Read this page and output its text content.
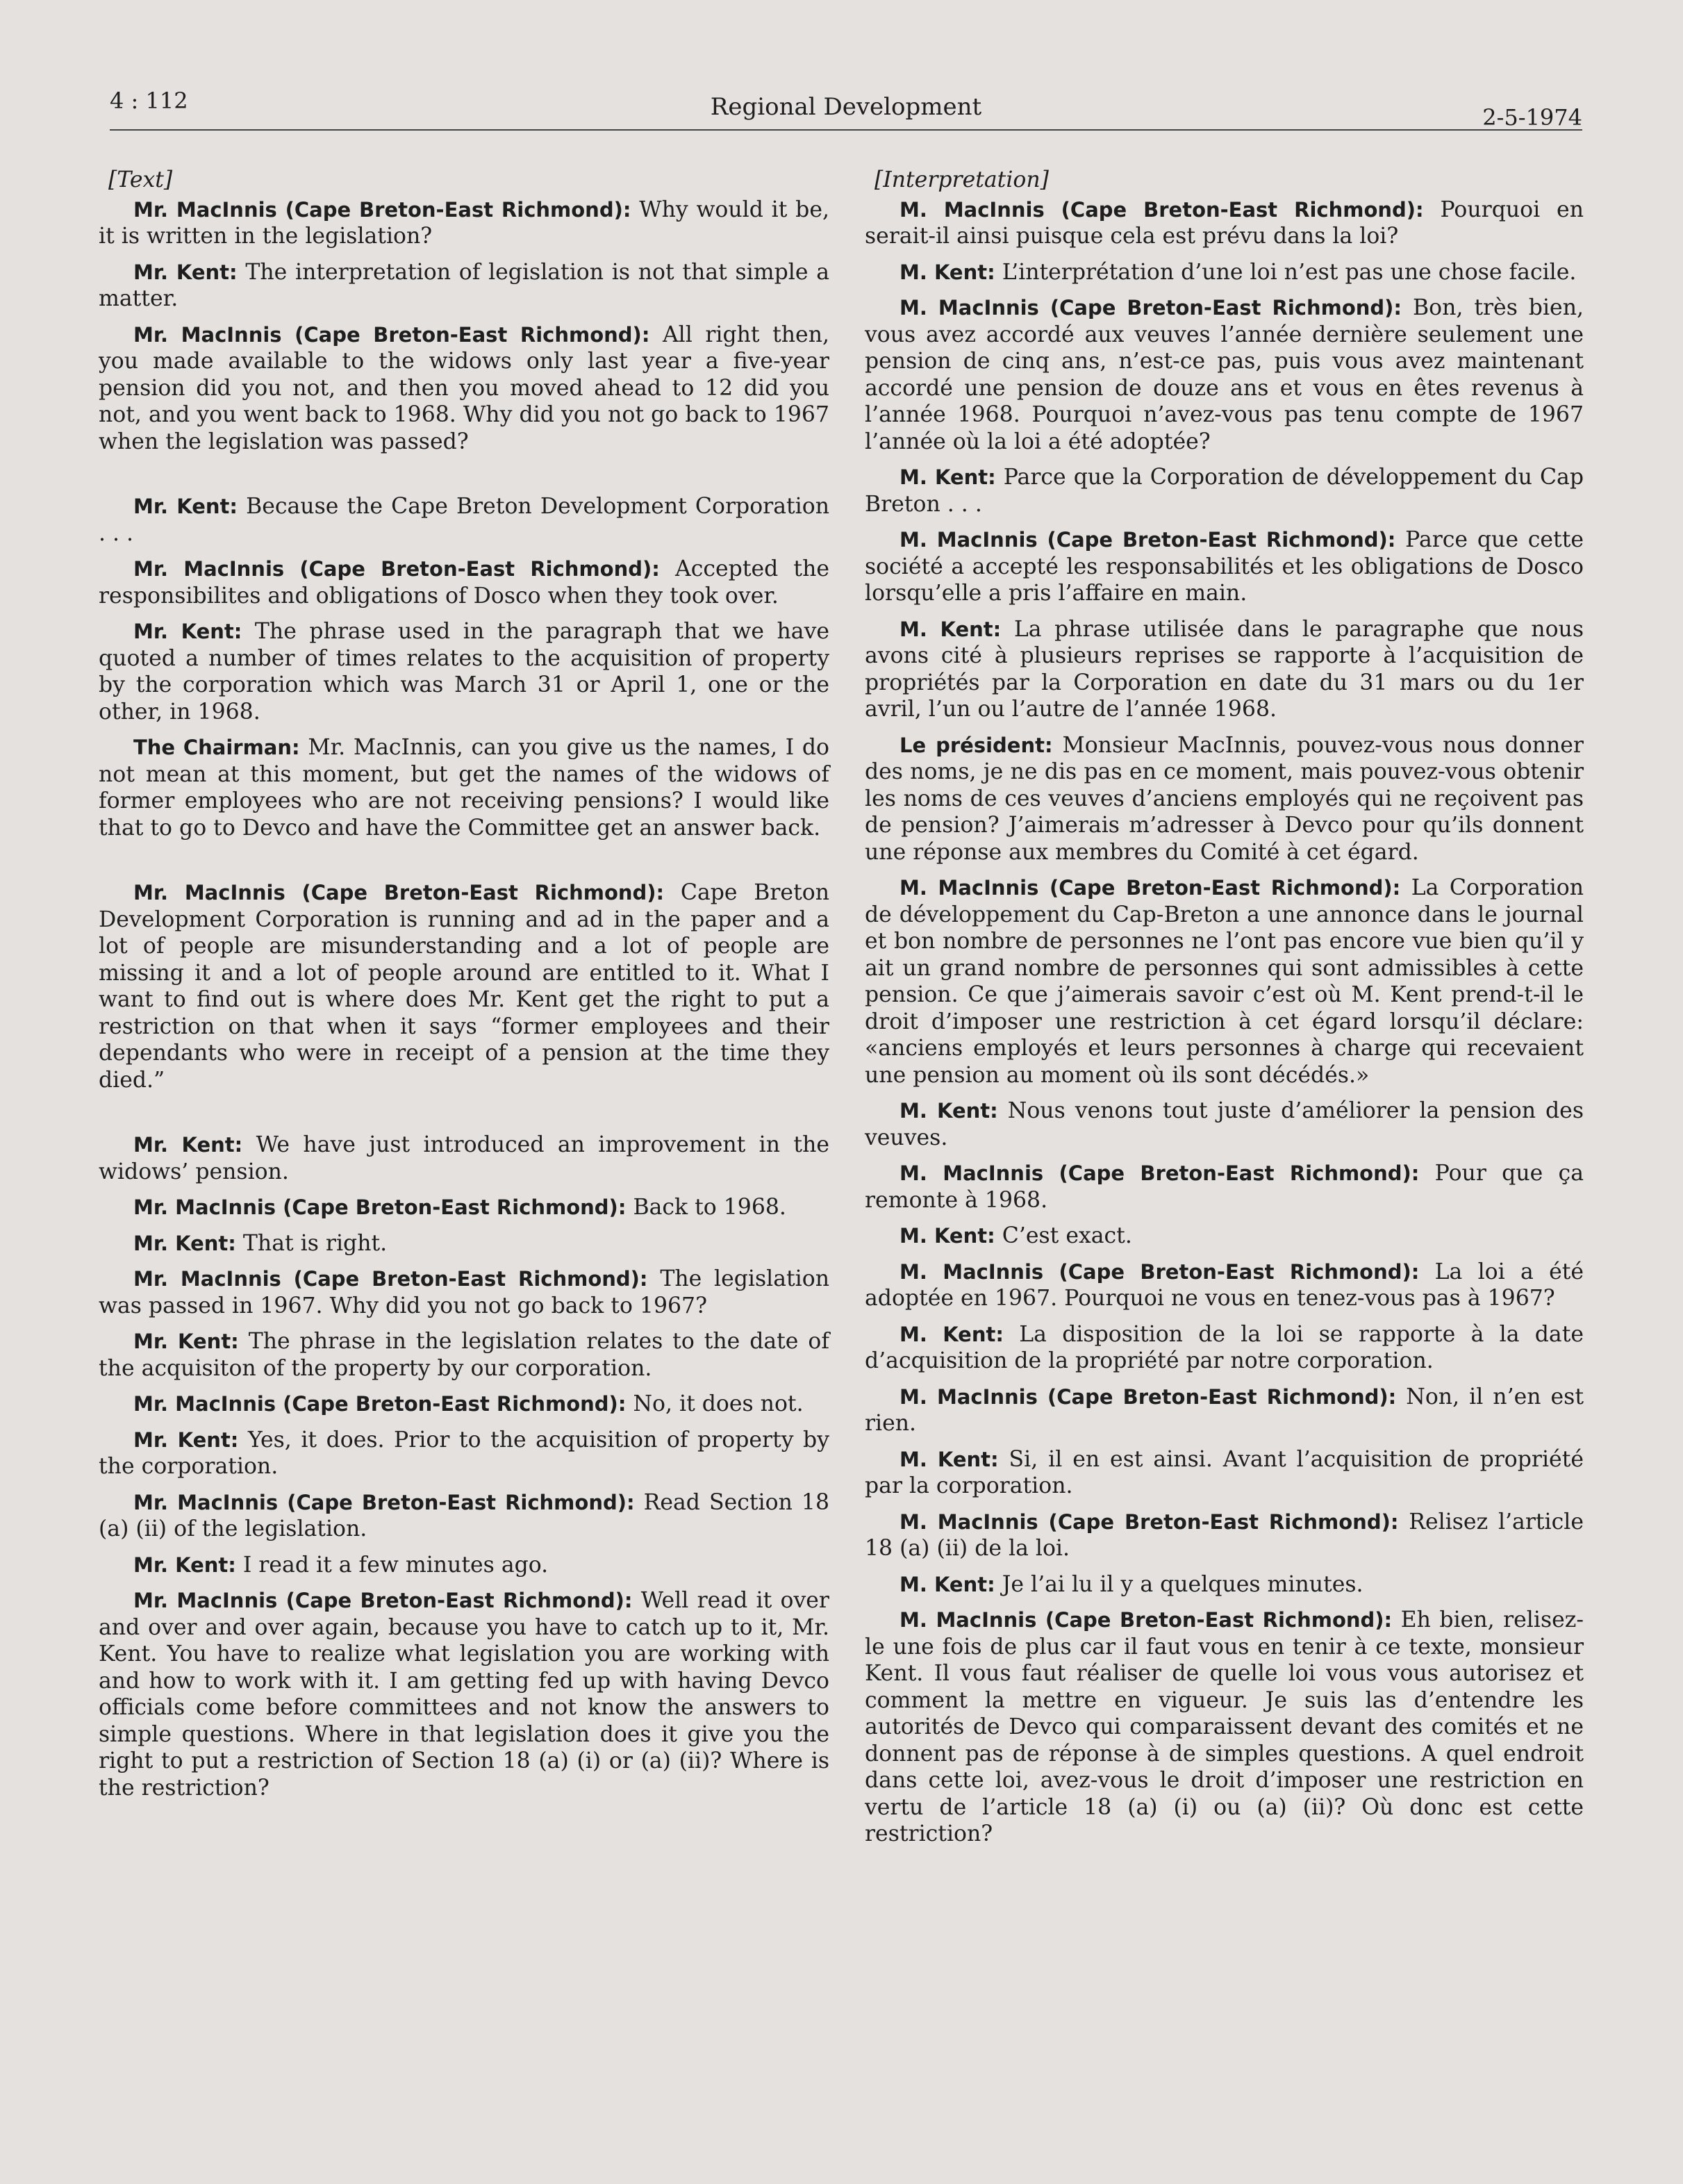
4 : 112	Regional Development	2-5-1974
[Text]

Mr. MacInnis (Cape Breton-East Richmond): Why would it be, it is written in the legislation?

Mr. Kent: The interpretation of legislation is not that simple a matter.

Mr. MacInnis (Cape Breton-East Richmond): All right then, you made available to the widows only last year a five-year pension did you not, and then you moved ahead to 12 did you not, and you went back to 1968. Why did you not go back to 1967 when the legislation was passed?

Mr. Kent: Because the Cape Breton Development Corporation . . .

Mr. MacInnis (Cape Breton-East Richmond): Accepted the responsibilites and obligations of Dosco when they took over.

Mr. Kent: The phrase used in the paragraph that we have quoted a number of times relates to the acquisition of property by the corporation which was March 31 or April 1, one or the other, in 1968.

The Chairman: Mr. MacInnis, can you give us the names, I do not mean at this moment, but get the names of the widows of former employees who are not receiving pensions? I would like that to go to Devco and have the Committee get an answer back.

Mr. MacInnis (Cape Breton-East Richmond): Cape Breton Development Corporation is running and ad in the paper and a lot of people are misunderstanding and a lot of people are missing it and a lot of people around are entitled to it. What I want to find out is where does Mr. Kent get the right to put a restriction on that when it says “former employees and their dependants who were in receipt of a pension at the time they died.”

Mr. Kent: We have just introduced an improvement in the widows’ pension.

Mr. MacInnis (Cape Breton-East Richmond): Back to 1968.

Mr. Kent: That is right.

Mr. MacInnis (Cape Breton-East Richmond): The legislation was passed in 1967. Why did you not go back to 1967?

Mr. Kent: The phrase in the legislation relates to the date of the acquisiton of the property by our corporation.

Mr. MacInnis (Cape Breton-East Richmond): No, it does not.

Mr. Kent: Yes, it does. Prior to the acquisition of property by the corporation.

Mr. MacInnis (Cape Breton-East Richmond): Read Section 18 (a) (ii) of the legislation.

Mr. Kent: I read it a few minutes ago.

Mr. MacInnis (Cape Breton-East Richmond): Well read it over and over and over again, because you have to catch up to it, Mr. Kent. You have to realize what legislation you are working with and how to work with it. I am getting fed up with having Devco officials come before committees and not know the answers to simple questions. Where in that legislation does it give you the right to put a restriction of Section 18 (a) (i) or (a) (ii)? Where is the restriction?

[Interpretation]

M. MacInnis (Cape Breton-East Richmond): Pourquoi en serait-il ainsi puisque cela est prévu dans la loi?

M. Kent: L’interprétation d’une loi n’est pas une chose facile.

M. MacInnis (Cape Breton-East Richmond): Bon, très bien, vous avez accordé aux veuves l’année dernière seulement une pension de cinq ans, n’est-ce pas, puis vous avez maintenant accordé une pension de douze ans et vous en êtes revenus à l’année 1968. Pourquoi n’avez-vous pas tenu compte de 1967 l’année où la loi a été adoptée?

M. Kent: Parce que la Corporation de développement du Cap Breton . . .

M. MacInnis (Cape Breton-East Richmond): Parce que cette société a accepté les responsabilités et les obligations de Dosco lorsqu’elle a pris l’affaire en main.

M. Kent: La phrase utilisée dans le paragraphe que nous avons cité à plusieurs reprises se rapporte à l’acquisition de propriétés par la Corporation en date du 31 mars ou du 1er avril, l’un ou l’autre de l’année 1968.

Le président: Monsieur MacInnis, pouvez-vous nous donner des noms, je ne dis pas en ce moment, mais pouvez-vous obtenir les noms de ces veuves d’anciens employés qui ne reçoivent pas de pension? J’aimerais m’adresser à Devco pour qu’ils donnent une réponse aux membres du Comité à cet égard.

M. MacInnis (Cape Breton-East Richmond): La Corporation de développement du Cap-Breton a une annonce dans le journal et bon nombre de personnes ne l’ont pas encore vue bien qu’il y ait un grand nombre de personnes qui sont admissibles à cette pension. Ce que j’aimerais savoir c’est où M. Kent prend-t-il le droit d’imposer une restriction à cet égard lorsqu’il déclare: «anciens employés et leurs personnes à charge qui recevaient une pension au moment où ils sont décédés.»

M. Kent: Nous venons tout juste d’améliorer la pension des veuves.

M. MacInnis (Cape Breton-East Richmond): Pour que ça remonte à 1968.

M. Kent: C’est exact.

M. MacInnis (Cape Breton-East Richmond): La loi a été adoptée en 1967. Pourquoi ne vous en tenez-vous pas à 1967?

M. Kent: La disposition de la loi se rapporte à la date d’acquisition de la propriété par notre corporation.

M. MacInnis (Cape Breton-East Richmond): Non, il n’en est rien.

M. Kent: Si, il en est ainsi. Avant l’acquisition de propriété par la corporation.

M. MacInnis (Cape Breton-East Richmond): Relisez l’article 18 (a) (ii) de la loi.

M. Kent: Je l’ai lu il y a quelques minutes.

M. MacInnis (Cape Breton-East Richmond): Eh bien, relisez-le une fois de plus car il faut vous en tenir à ce texte, monsieur Kent. Il vous faut réaliser de quelle loi vous vous autorisez et comment la mettre en vigueur. Je suis las d’entendre les autorités de Devco qui comparaissent devant des comités et ne donnent pas de réponse à de simples questions. A quel endroit dans cette loi, avez-vous le droit d’imposer une restriction en vertu de l’article 18 (a) (i) ou (a) (ii)? Où donc est cette restriction?
